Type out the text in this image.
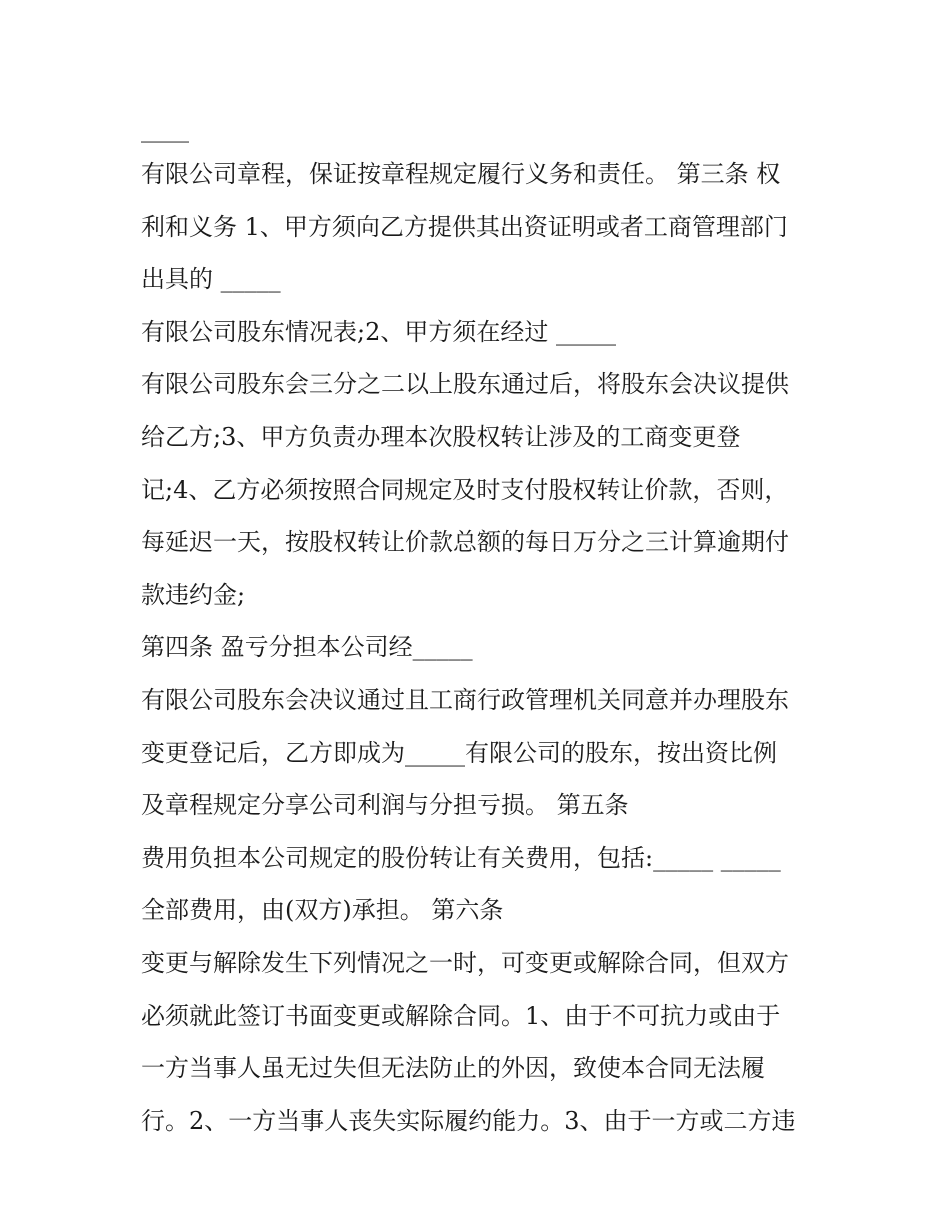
____
有限公司章程，保证按章程规定履行义务和责任。 第三条 权
利和义务 1、甲方须向乙方提供其出资证明或者工商管理部门
出具的 _____
有限公司股东情况表;2、甲方须在经过 _____
有限公司股东会三分之二以上股东通过后，将股东会决议提供
给乙方;3、甲方负责办理本次股权转让涉及的工商变更登
记;4、乙方必须按照合同规定及时支付股权转让价款，否则，
每延迟一天，按股权转让价款总额的每日万分之三计算逾期付
款违约金;
第四条 盈亏分担本公司经_____
有限公司股东会决议通过且工商行政管理机关同意并办理股东
变更登记后，乙方即成为_____有限公司的股东，按出资比例
及章程规定分享公司利润与分担亏损。 第五条
费用负担本公司规定的股份转让有关费用，包括:_____ _____
全部费用，由(双方)承担。 第六条
变更与解除发生下列情况之一时，可变更或解除合同，但双方
必须就此签订书面变更或解除合同。1、由于不可抗力或由于
一方当事人虽无过失但无法防止的外因，致使本合同无法履
行。2、一方当事人丧失实际履约能力。3、由于一方或二方违
